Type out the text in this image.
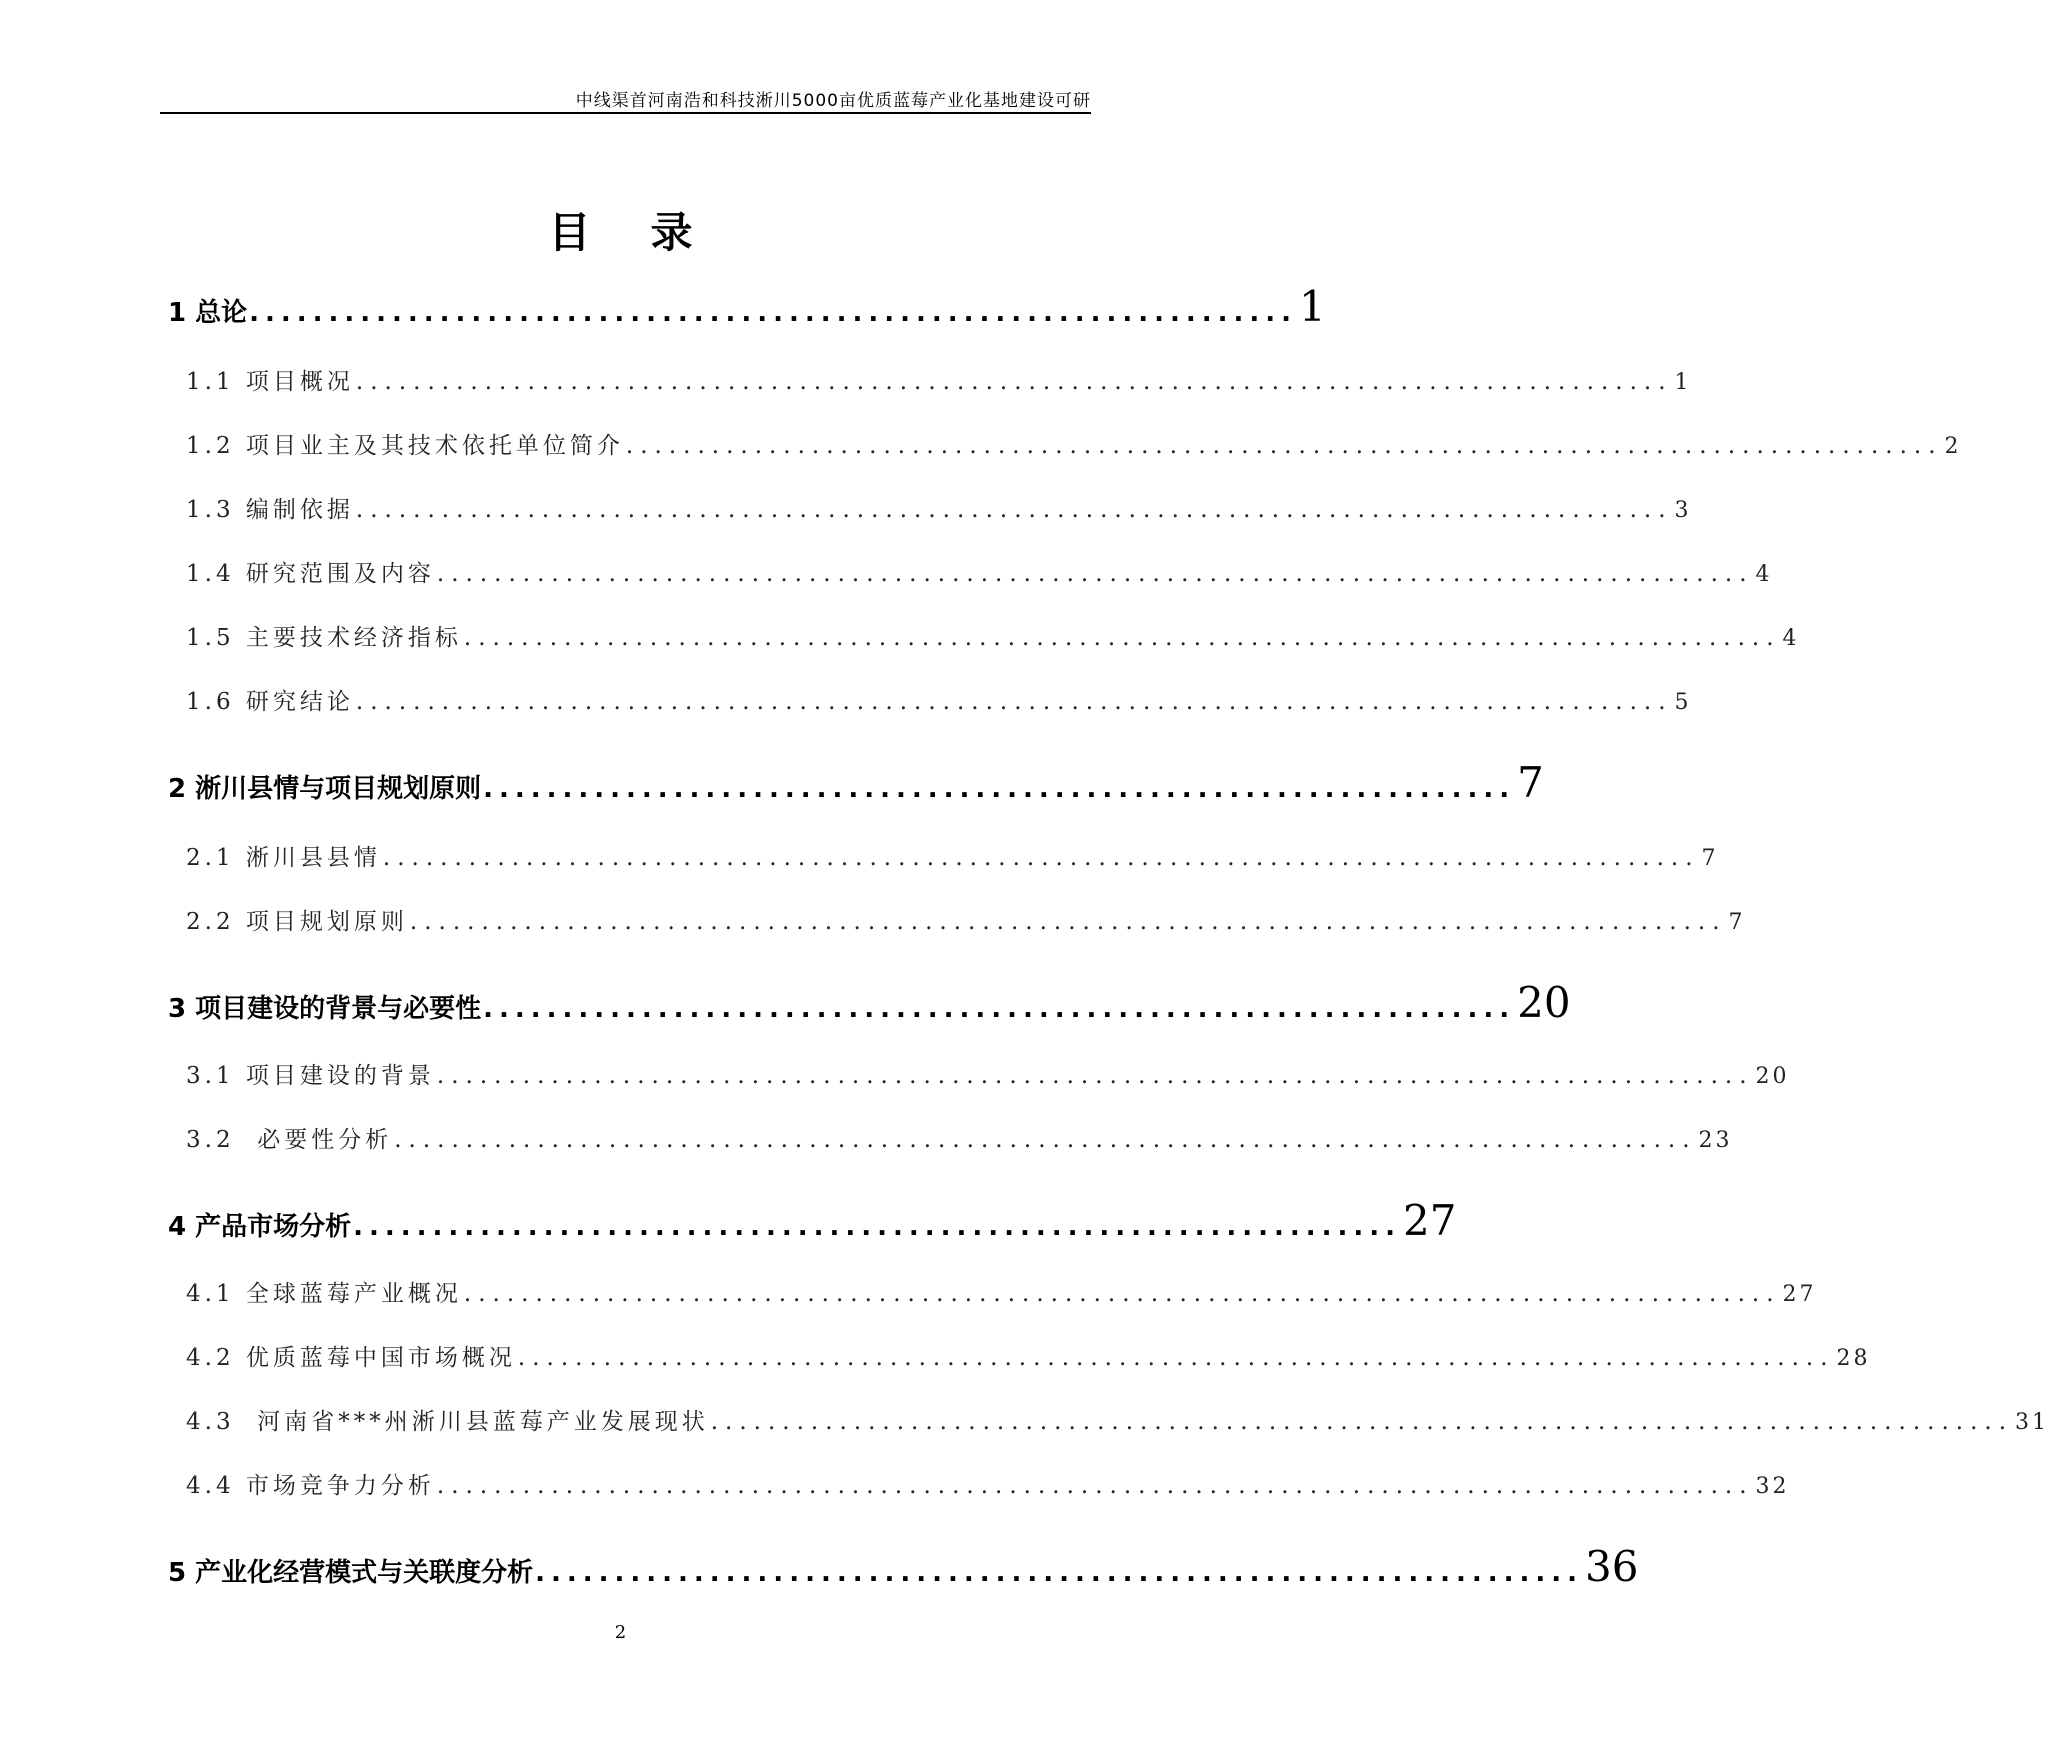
中线渠首河南浩和科技淅川5000亩优质蓝莓产业化基地建设可研
目录
1 总论 .................................................................. 1
1.1 项目概况 ............................................................................................ 1
1.2 项目业主及其技术依托单位简介 ............................................................................................ 2
1.3 编制依据 ............................................................................................ 3
1.4 研究范围及内容 ............................................................................................ 4
1.5 主要技术经济指标 ............................................................................................ 4
1.6 研究结论 ............................................................................................ 5
2 淅川县情与项目规划原则 ................................................................. 7
2.1 淅川县县情 ............................................................................................ 7
2.2 项目规划原则 ............................................................................................ 7
3 项目建设的背景与必要性 ................................................................. 20
3.1 项目建设的背景 ............................................................................................ 20
3.2  必要性分析 ........................................................................................... 23
4 产品市场分析 .................................................................. 27
4.1 全球蓝莓产业概况 ............................................................................................ 27
4.2 优质蓝莓中国市场概况 ............................................................................................ 28
4.3  河南省***州淅川县蓝莓产业发展现状 ........................................................................................... 31
4.4 市场竞争力分析 ............................................................................................ 32
5 产业化经营模式与关联度分析 .................................................................. 36
2
